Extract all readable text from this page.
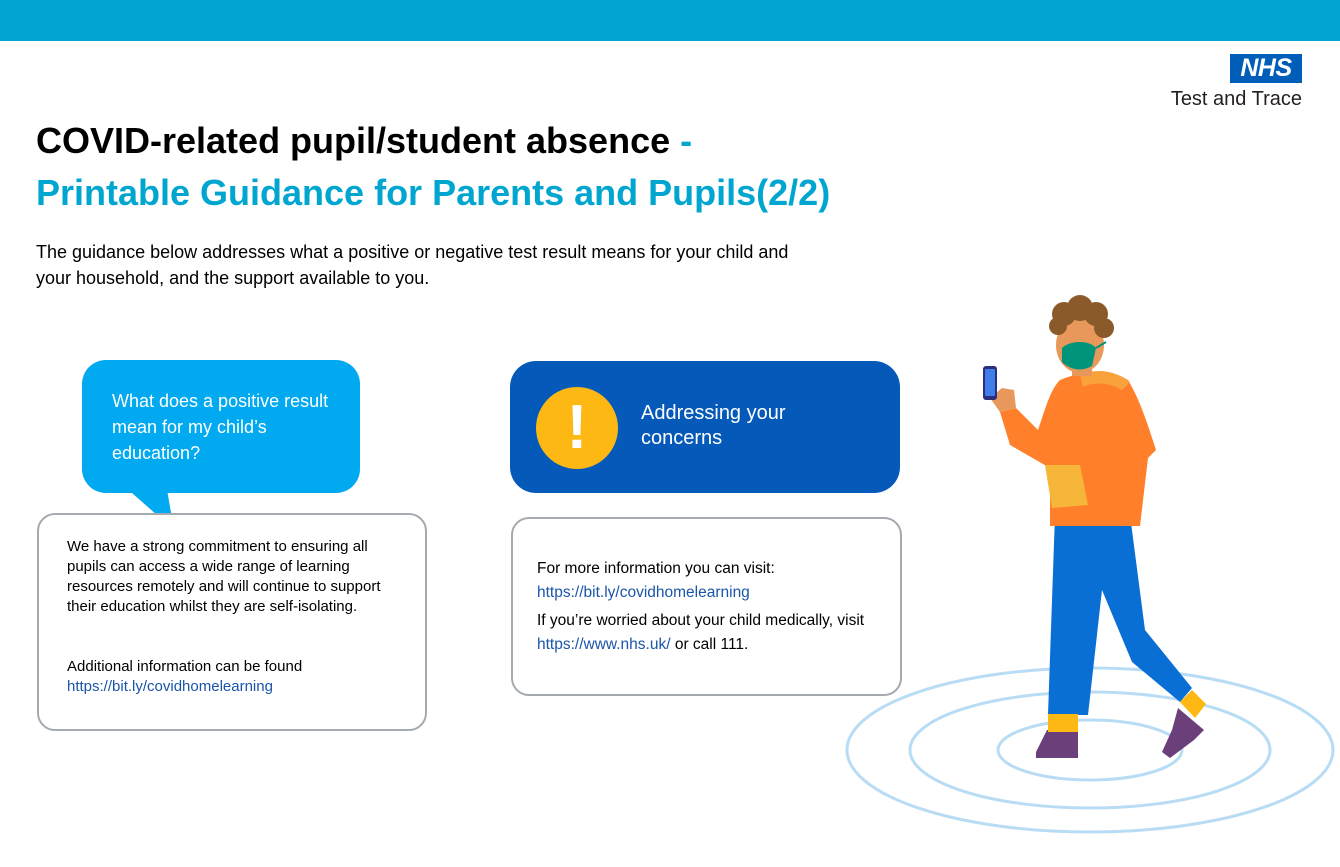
NHS
Test and Trace
COVID-related pupil/student absence -
Printable Guidance for Parents and Pupils(2/2)

The guidance below addresses what a positive or negative test result means for your child and your household, and the support available to you.

What does a positive result mean for my child’s education?

We have a strong commitment to ensuring all pupils can access a wide range of learning resources remotely and will continue to support their education whilst they are self-isolating.

Additional information can be found
https://bit.ly/covidhomelearning

!	Addressing your concerns

For more information you can visit:
https://bit.ly/covidhomelearning

If you’re worried about your child medically, visit https://www.nhs.uk/ or call 111.
